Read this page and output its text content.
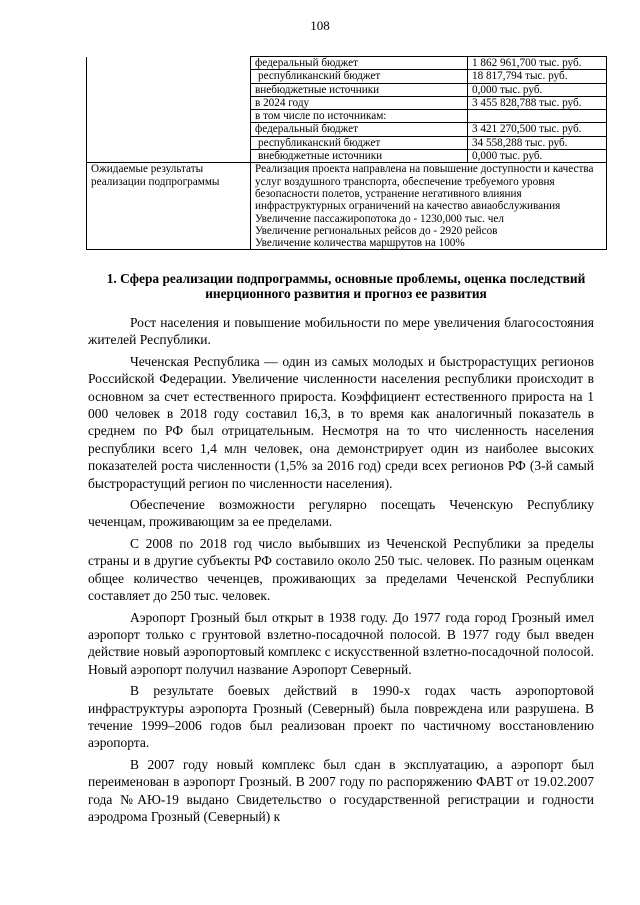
108
	федеральный бюджет	1 862 961,700 тыс. руб.
	республиканский бюджет	18 817,794 тыс. руб.
	внебюджетные источники	0,000 тыс. руб.
	в 2024 году	3 455 828,788 тыс. руб.
	в том числе по источникам:	
	федеральный бюджет	3 421 270,500 тыс. руб.
	республиканский бюджет	34 558,288 тыс. руб.
	внебюджетные источники	0,000 тыс. руб.
Ожидаемые результаты реализации подпрограммы	Реализация проекта направлена на повышение доступности и качества услуг воздушного транспорта, обеспечение требуемого уровня безопасности полетов, устранение негативного влияния инфраструктурных ограничений на качество авиаобслуживания
Увеличение пассажиропотока до - 1230,000 тыс. чел
Увеличение региональных рейсов до - 2920 рейсов
Увеличение количества маршрутов на 100%	
1. Сфера реализации подпрограммы, основные проблемы, оценка последствий инерционного развития и прогноз ее развития

Рост населения и повышение мобильности по мере увеличения благосостояния жителей Республики.

Чеченская Республика — один из самых молодых и быстрорастущих регионов Российской Федерации. Увеличение численности населения республики происходит в основном за счет естественного прироста. Коэффициент естественного прироста на 1 000 человек в 2018 году составил 16,3, в то время как аналогичный показатель в среднем по РФ был отрицательным. Несмотря на то что численность населения республики всего 1,4 млн человек, она демонстрирует один из наиболее высоких показателей роста численности (1,5% за 2016 год) среди всех регионов РФ (3-й самый быстрорастущий регион по численности населения).

Обеспечение возможности регулярно посещать Чеченскую Республику чеченцам, проживающим за ее пределами.

С 2008 по 2018 год число выбывших из Чеченской Республики за пределы страны и в другие субъекты РФ составило около 250 тыс. человек. По разным оценкам общее количество чеченцев, проживающих за пределами Чеченской Республики составляет до 250 тыс. человек.

Аэропорт Грозный был открыт в 1938 году. До 1977 года город Грозный имел аэропорт только с грунтовой взлетно-посадочной полосой. В 1977 году был введен действие новый аэропортовый комплекс с искусственной взлетно-посадочной полосой. Новый аэропорт получил название Аэропорт Северный.

В результате боевых действий в 1990-х годах часть аэропортовой инфраструктуры аэропорта Грозный (Северный) была повреждена или разрушена. В течение 1999–2006 годов был реализован проект по частичному восстановлению аэропорта.

В 2007 году новый комплекс был сдан в эксплуатацию, а аэропорт был переименован в аэропорт Грозный. В 2007 году по распоряжению ФАВТ от 19.02.2007 года №АЮ-19 выдано Свидетельство о государственной регистрации и годности аэродрома Грозный (Северный) к
